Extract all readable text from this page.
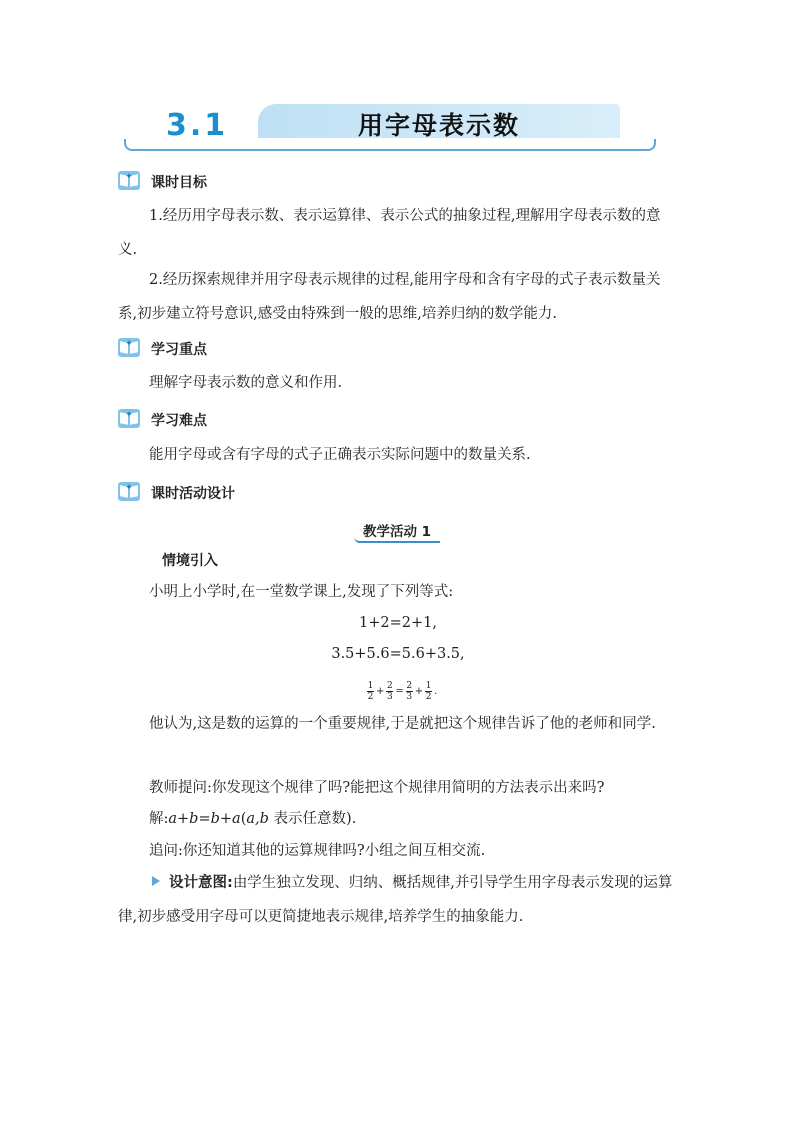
3.1	用字母表示数
✦ 课时目标

1.经历用字母表示数、表示运算律、表示公式的抽象过程,理解用字母表示数的意义.

2.经历探索规律并用字母表示规律的过程,能用字母和含有字母的式子表示数量关系,初步建立符号意识,感受由特殊到一般的思维,培养归纳的数学能力.

✦ 学习重点

理解字母表示数的意义和作用.

✦ 学习难点

能用字母或含有字母的式子正确表示实际问题中的数量关系.

✦ 课时活动设计
教学活动 1
情境引入

小明上小学时,在一堂数学课上,发现了下列等式:

1+2=2+1,

3.5+5.6=5.6+3.5,

$\frac{1}{2} + \frac{2}{3} = \frac{2}{3} + \frac{1}{2}$ .

他认为,这是数的运算的一个重要规律,于是就把这个规律告诉了他的老师和同学.

教师提问:你发现这个规律了吗?能把这个规律用简明的方法表示出来吗?

解:a+b=b+a(a,b 表示任意数).

追问:你还知道其他的运算规律吗?小组之间互相交流.

设计意图:由学生独立发现、归纳、概括规律,并引导学生用字母表示发现的运算律,初步感受用字母可以更简捷地表示规律,培养学生的抽象能力.
